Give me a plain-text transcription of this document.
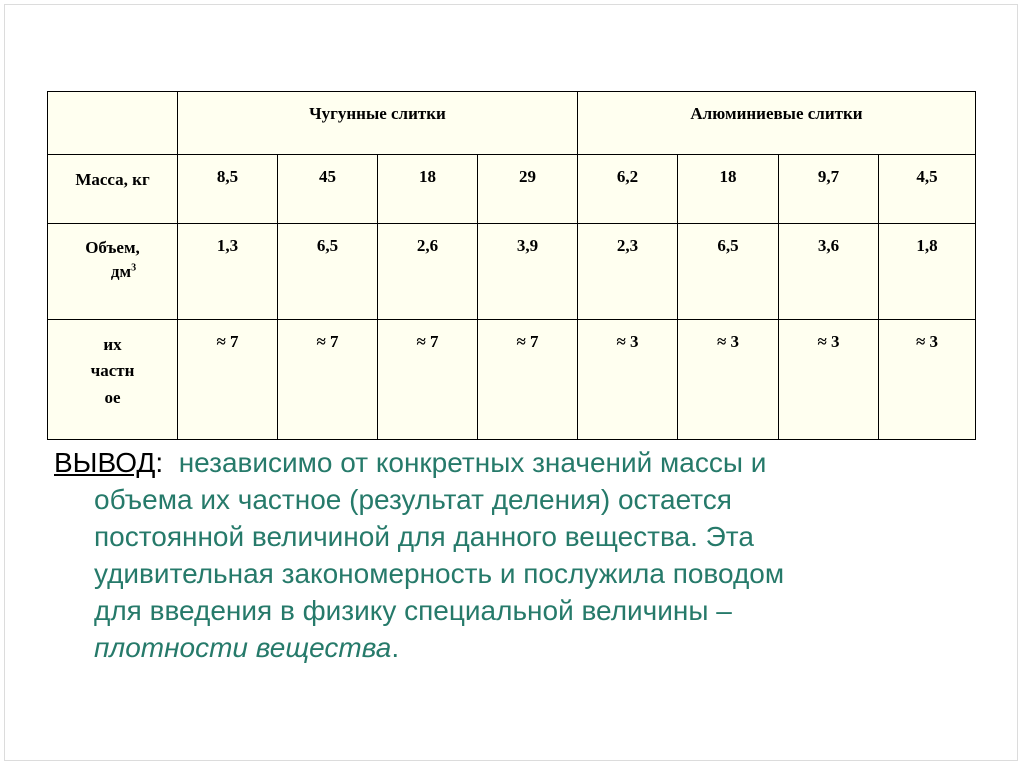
	Чугунные слитки				Алюминиевые слитки			
Масса, кг	8,5	45	18	29	6,2	18	9,7	4,5

Объем,
$дм^3$	1,3	6,5	2,6	3,9	2,3	6,5	3,6	1,8

их
частн
ое	≈ 7	≈ 7	≈ 7	≈ 7	≈ 3	≈ 3	≈ 3	≈ 3
ВЫВОД: независимо от конкретных значений массы и
объема их частное (результат деления) остается
постоянной величиной для данного вещества. Эта
удивительная закономерность и послужила поводом
для введения в физику специальной величины –
плотности вещества.
